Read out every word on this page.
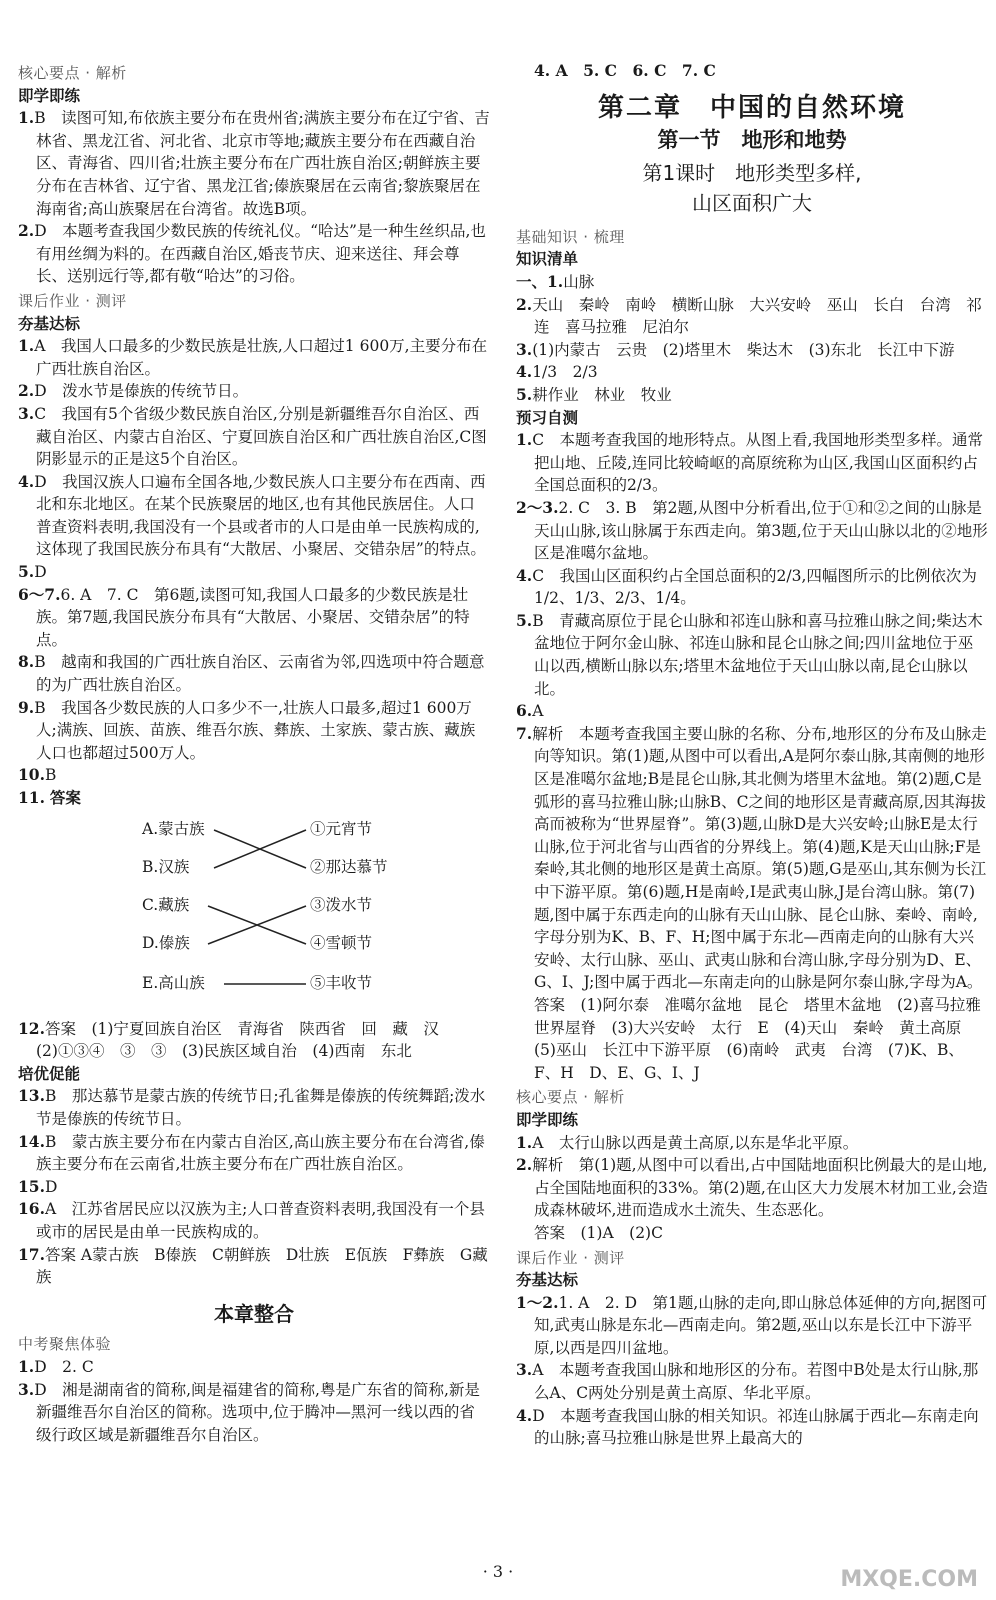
核心要点 · 解析
即学即练

1.B　读图可知,布依族主要分布在贵州省;满族主要分布在辽宁省、吉林省、黑龙江省、河北省、北京市等地;藏族主要分布在西藏自治区、青海省、四川省;壮族主要分布在广西壮族自治区;朝鲜族主要分布在吉林省、辽宁省、黑龙江省;傣族聚居在云南省;黎族聚居在海南省;高山族聚居在台湾省。故选B项。

2.D　本题考查我国少数民族的传统礼仪。“哈达”是一种生丝织品,也有用丝绸为料的。在西藏自治区,婚丧节庆、迎来送往、拜会尊长、送别远行等,都有敬“哈达”的习俗。

课后作业 · 测评
夯基达标

1.A　我国人口最多的少数民族是壮族,人口超过1 600万,主要分布在广西壮族自治区。

2.D　泼水节是傣族的传统节日。

3.C　我国有5个省级少数民族自治区,分别是新疆维吾尔自治区、西藏自治区、内蒙古自治区、宁夏回族自治区和广西壮族自治区,C图阴影显示的正是这5个自治区。

4.D　我国汉族人口遍布全国各地,少数民族人口主要分布在西南、西北和东北地区。在某个民族聚居的地区,也有其他民族居住。人口普查资料表明,我国没有一个县或者市的人口是由单一民族构成的,这体现了我国民族分布具有“大散居、小聚居、交错杂居”的特点。

5.D

6～7.6. A　7. C　第6题,读图可知,我国人口最多的少数民族是壮族。第7题,我国民族分布具有“大散居、小聚居、交错杂居”的特点。

8.B　越南和我国的广西壮族自治区、云南省为邻,四选项中符合题意的为广西壮族自治区。

9.B　我国各少数民族的人口多少不一,壮族人口最多,超过1 600万人;满族、回族、苗族、维吾尔族、彝族、土家族、蒙古族、藏族人口也都超过500万人。

10.B

11. 答案

A.蒙古族
B.汉族
C.藏族
D.傣族
E.高山族
①元宵节
②那达慕节
③泼水节
④雪顿节
⑤丰收节

12.答案　(1)宁夏回族自治区　青海省　陕西省　回　藏　汉　(2)①③④　③　③　(3)民族区域自治　(4)西南　东北

培优促能

13.B　那达慕节是蒙古族的传统节日;孔雀舞是傣族的传统舞蹈;泼水节是傣族的传统节日。

14.B　蒙古族主要分布在内蒙古自治区,高山族主要分布在台湾省,傣族主要分布在云南省,壮族主要分布在广西壮族自治区。

15.D

16.A　江苏省居民应以汉族为主;人口普查资料表明,我国没有一个县或市的居民是由单一民族构成的。

17.答案 A蒙古族　B傣族　C朝鲜族　D壮族　E佤族　F彝族　G藏族

本章整合
中考聚焦体验

1.D　2. C

3.D　湘是湖南省的简称,闽是福建省的简称,粤是广东省的简称,新是新疆维吾尔自治区的简称。选项中,位于腾冲—黑河一线以西的省级行政区域是新疆维吾尔自治区。

4. A　5. C　6. C　7. C

第二章　中国的自然环境
第一节　地形和地势
第1课时　地形类型多样,
山区面积广大
基础知识 · 梳理
知识清单

一、1.山脉

2.天山　秦岭　南岭　横断山脉　大兴安岭　巫山　长白　台湾　祁连　喜马拉雅　尼泊尔

3.(1)内蒙古　云贵　(2)塔里木　柴达木　(3)东北　长江中下游

4.1/3　2/3

5.耕作业　林业　牧业

预习自测

1.C　本题考查我国的地形特点。从图上看,我国地形类型多样。通常把山地、丘陵,连同比较崎岖的高原统称为山区,我国山区面积约占全国总面积的2/3。

2～3.2. C　3. B　第2题,从图中分析看出,位于①和②之间的山脉是天山山脉,该山脉属于东西走向。第3题,位于天山山脉以北的②地形区是准噶尔盆地。

4.C　我国山区面积约占全国总面积的2/3,四幅图所示的比例依次为1/2、1/3、2/3、1/4。

5.B　青藏高原位于昆仑山脉和祁连山脉和喜马拉雅山脉之间;柴达木盆地位于阿尔金山脉、祁连山脉和昆仑山脉之间;四川盆地位于巫山以西,横断山脉以东;塔里木盆地位于天山山脉以南,昆仑山脉以北。

6.A

7.解析　本题考查我国主要山脉的名称、分布,地形区的分布及山脉走向等知识。第(1)题,从图中可以看出,A是阿尔泰山脉,其南侧的地形区是准噶尔盆地;B是昆仑山脉,其北侧为塔里木盆地。第(2)题,C是弧形的喜马拉雅山脉;山脉B、C之间的地形区是青藏高原,因其海拔高而被称为“世界屋脊”。第(3)题,山脉D是大兴安岭;山脉E是太行山脉,位于河北省与山西省的分界线上。第(4)题,K是天山山脉;F是秦岭,其北侧的地形区是黄土高原。第(5)题,G是巫山,其东侧为长江中下游平原。第(6)题,H是南岭,I是武夷山脉,J是台湾山脉。第(7)题,图中属于东西走向的山脉有天山山脉、昆仑山脉、秦岭、南岭,字母分别为K、B、F、H;图中属于东北—西南走向的山脉有大兴安岭、太行山脉、巫山、武夷山脉和台湾山脉,字母分别为D、E、G、I、J;图中属于西北—东南走向的山脉是阿尔泰山脉,字母为A。

答案　(1)阿尔泰　准噶尔盆地　昆仑　塔里木盆地　(2)喜马拉雅　世界屋脊　(3)大兴安岭　太行　E　(4)天山　秦岭　黄土高原　(5)巫山　长江中下游平原　(6)南岭　武夷　台湾　(7)K、B、F、H　D、E、G、I、J

核心要点 · 解析
即学即练

1.A　太行山脉以西是黄土高原,以东是华北平原。

2.解析　第(1)题,从图中可以看出,占中国陆地面积比例最大的是山地,占全国陆地面积的33%。第(2)题,在山区大力发展木材加工业,会造成森林破坏,进而造成水土流失、生态恶化。

答案　(1)A　(2)C

课后作业 · 测评
夯基达标

1～2.1. A　2. D　第1题,山脉的走向,即山脉总体延伸的方向,据图可知,武夷山脉是东北—西南走向。第2题,巫山以东是长江中下游平原,以西是四川盆地。

3.A　本题考查我国山脉和地形区的分布。若图中B处是太行山脉,那么A、C两处分别是黄土高原、华北平原。

4.D　本题考查我国山脉的相关知识。祁连山脉属于西北—东南走向的山脉;喜马拉雅山脉是世界上最高大的

· 3 ·	MXQE.COM
